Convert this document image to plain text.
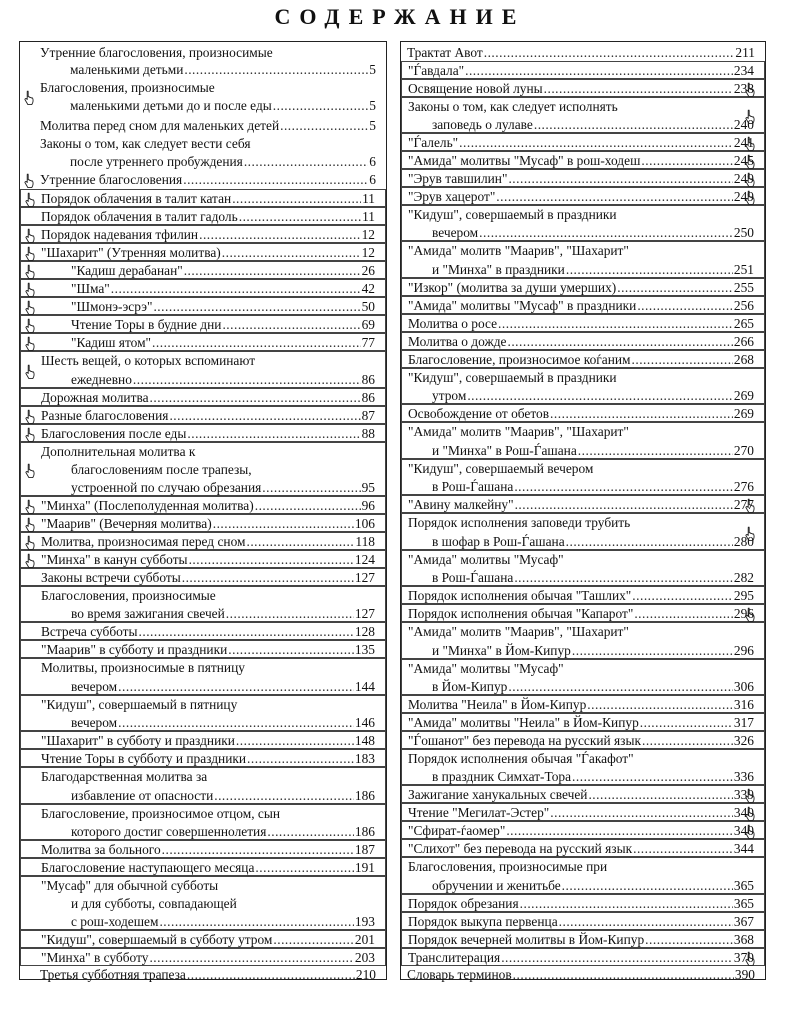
СОДЕРЖАНИЕ
Утренние благословения, произносимые
маленькими детьми .....	5
Благословения, произносимые
маленькими детьми до и после еды .....	5
Молитва перед сном для маленьких детей .....	5
Законы о том, как следует вести себя
после утреннего пробуждения .....	6
Утренние благословения .....	6
Порядок облачения в талит катан .....	11
Порядок облачения в талит гадоль .....	11
Порядок надевания тфилин .....	12
"Шахарит" (Утренняя молитва) .....	12
"Кадиш дерабанан" .....	26
"Шма" .....	42
"Шмонэ-эсрэ" .....	50
Чтение Торы в будние дни .....	69
"Кадиш ятом" .....	77
Шесть вещей, о которых вспоминают
ежедневно .....	86
Дорожная молитва .....	86
Разные благословения .....	87
Благословения после еды .....	88
Дополнительная молитва к
благословениям после трапезы,
устроенной по случаю обрезания .....	95
"Минха" (Послеполуденная молитва) .....	96
"Маарив" (Вечерняя молитва) .....	106
Молитва, произносимая перед сном .....	118
"Минха" в канун субботы .....	124
Законы встречи субботы .....	127
Благословения, произносимые
во время зажигания свечей .....	127
Встреча субботы .....	128
"Маарив" в субботу и праздники .....	135
Молитвы, произносимые в пятницу
вечером .....	144
"Кидуш", совершаемый в пятницу
вечером .....	146
"Шахарит" в субботу и праздники .....	148
Чтение Торы в субботу и праздники .....	183
Благодарственная молитва за
избавление от опасности .....	186
Благословение, произносимое отцом, сын
которого достиг совершеннолетия .....	186
Молитва за больного .....	187
Благословение наступающего месяца .....	191
"Мусаф" для обычной субботы
и для субботы, совпадающей
с рош-ходешем .....	193
"Кидуш", совершаемый в субботу утром .....	201
"Минха" в субботу .....	203
Третья субботняя трапеза .....	210
Трактат Авот .....	211
"Ѓавдала" .....	234
Освящение новой луны .....	238
Законы о том, как следует исполнять
заповедь о лулаве .....	240
"Ѓалель" .....	241
"Амида" молитвы "Мусаф" в рош-ходеш .....	245
"Эрув тавшилин" .....	249
"Эрув хацерот" .....	249
"Кидуш", совершаемый в праздники
вечером .....	250
"Амида" молитв "Маарив", "Шахарит"
и "Минха" в праздники .....	251
"Изкор" (молитва за души умерших) .....	255
"Амида" молитвы "Мусаф" в праздники .....	256
Молитва о росе .....	265
Молитва о дожде .....	266
Благословение, произносимое коѓаним .....	268
"Кидуш", совершаемый в праздники
утром .....	269
Освобождение от обетов .....	269
"Амида" молитв "Маарив", "Шахарит"
и "Минха" в Рош-Ѓашана .....	270
"Кидуш", совершаемый вечером
в Рош-Ѓашана .....	276
"Авину малкейну" .....	277
Порядок исполнения заповеди трубить
в шофар в Рош-Ѓашана .....	280
"Амида" молитвы "Мусаф"
в Рош-Ѓашана .....	282
Порядок исполнения обычая "Ташлих" .....	295
Порядок исполнения обычая "Капарот" .....	296
"Амида" молитв "Маарив", "Шахарит"
и "Минха" в Йом-Кипур .....	296
"Амида" молитвы "Мусаф"
в Йом-Кипур .....	306
Молитва "Неила" в Йом-Кипур .....	316
"Амида" молитвы "Неила" в Йом-Кипур .....	317
"Ѓошанот" без перевода на русский язык .....	326
Порядок исполнения обычая "Ѓакафот"
в праздник Симхат-Тора .....	336
Зажигание ханукальных свечей .....	339
Чтение "Мегилат-Эстер" .....	340
"Сфират-ѓаомер" .....	340
"Слихот" без перевода на русский язык .....	344
Благословения, произносимые при
обручении и женитьбе .....	365
Порядок обрезания .....	365
Порядок выкупа первенца .....	367
Порядок вечерней молитвы в Йом-Кипур .....	368
Транслитерация .....	370
Словарь терминов .....	390
